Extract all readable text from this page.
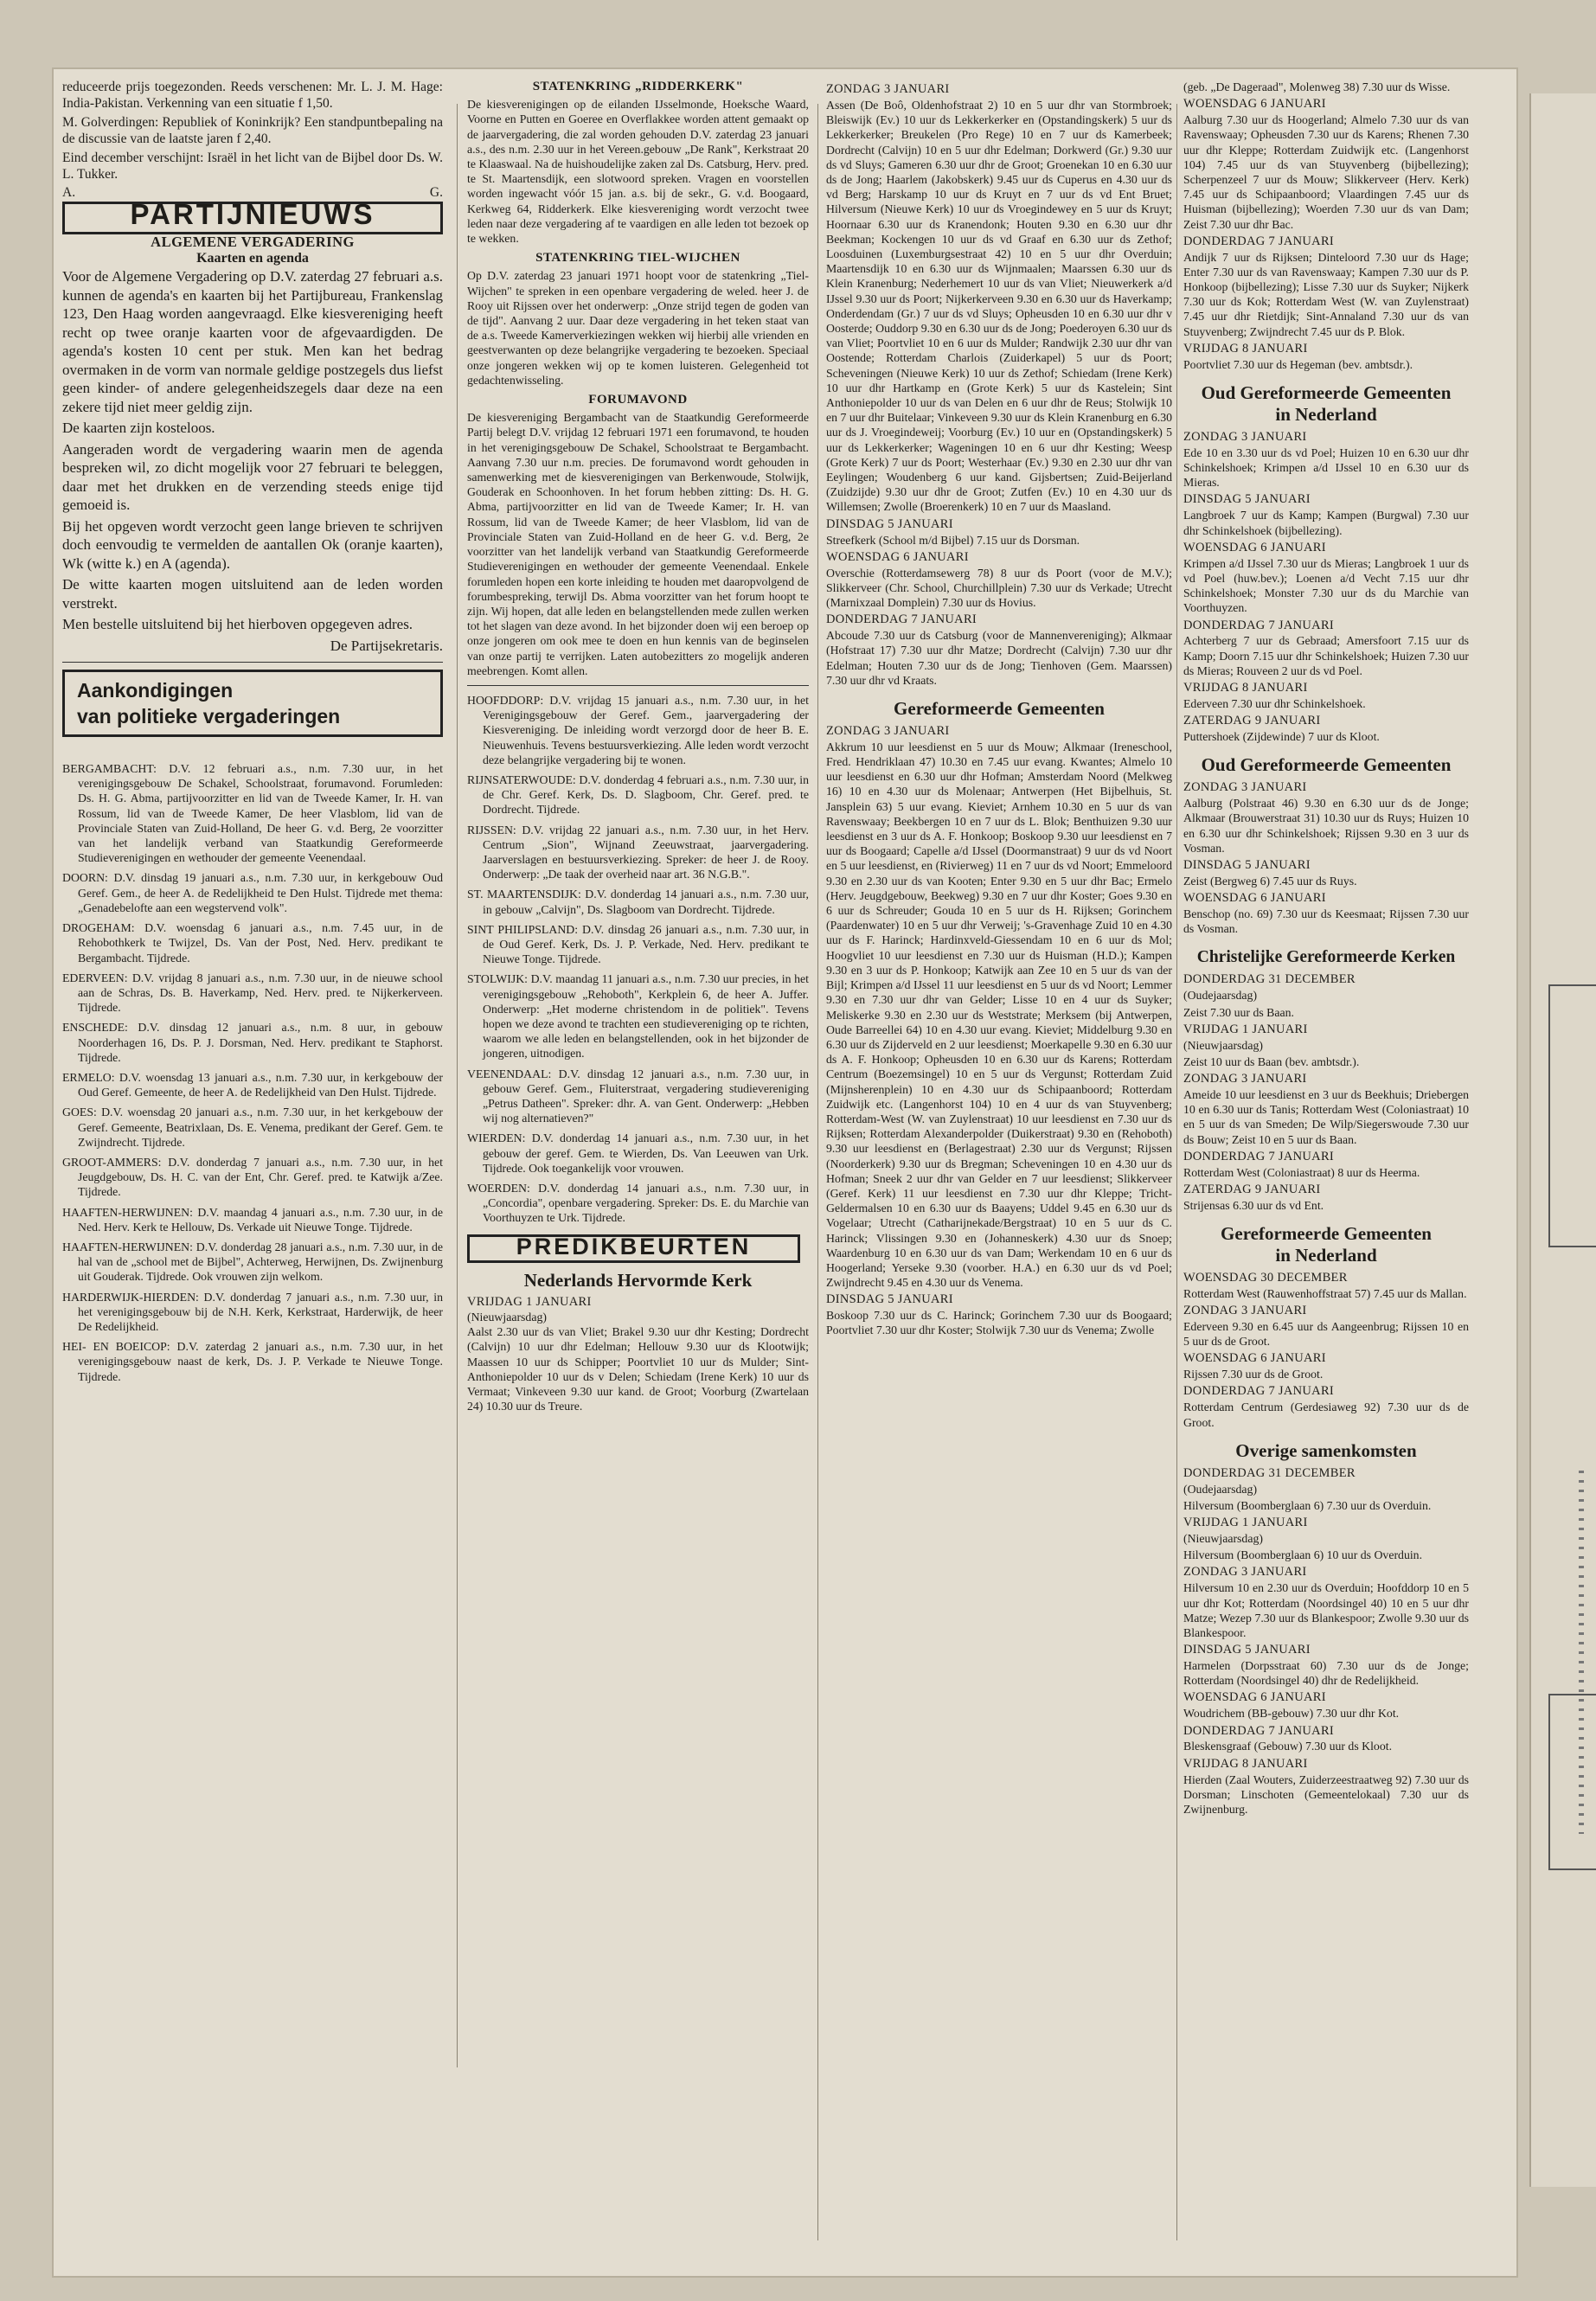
reduceerde prijs toegezonden. Reeds verschenen: Mr. L. J. M. Hage: India-Pakistan. Verkenning van een situatie f 1,50.

M. Golverdingen: Republiek of Koninkrijk? Een standpuntbepaling na de discussie van de laatste jaren f 2,40.

Eind december verschijnt: Israël in het licht van de Bijbel door Ds. W. L. Tukker.

A.	G.
PARTIJNIEUWS
ALGEMENE VERGADERING
Kaarten en agenda

Voor de Algemene Vergadering op D.V. zaterdag 27 februari a.s. kunnen de agenda's en kaarten bij het Partijbureau, Frankenslag 123, Den Haag worden aangevraagd. Elke kiesvereniging heeft recht op twee oranje kaarten voor de afgevaardigden. De agenda's kosten 10 cent per stuk. Men kan het bedrag overmaken in de vorm van normale geldige postzegels dus liefst geen kinder- of andere gelegenheidszegels daar deze na een zekere tijd niet meer geldig zijn.

De kaarten zijn kosteloos.

Aangeraden wordt de vergadering waarin men de agenda bespreken wil, zo dicht mogelijk voor 27 februari te beleggen, daar met het drukken en de verzending steeds enige tijd gemoeid is.

Bij het opgeven wordt verzocht geen lange brieven te schrijven doch eenvoudig te vermelden de aantallen Ok (oranje kaarten), Wk (witte k.) en A (agenda).

De witte kaarten mogen uitsluitend aan de leden worden verstrekt.

Men bestelle uitsluitend bij het hierboven opgegeven adres.

De Partijsekretaris.
Aankondigingen
van politieke vergaderingen

BERGAMBACHT: D.V. 12 februari a.s., n.m. 7.30 uur, in het verenigingsgebouw De Schakel, Schoolstraat, forumavond. Forumleden: Ds. H. G. Abma, partijvoorzitter en lid van de Tweede Kamer, Ir. H. van Rossum, lid van de Tweede Kamer, De heer Vlasblom, lid van de Provinciale Staten van Zuid-Holland, De heer G. v.d. Berg, 2e voorzitter van het landelijk verband van Staatkundig Gereformeerde Studieverenigingen en wethouder der gemeente Veenendaal.

DOORN: D.V. dinsdag 19 januari a.s., n.m. 7.30 uur, in kerkgebouw Oud Geref. Gem., de heer A. de Redelijkheid te Den Hulst. Tijdrede met thema: „Genadebelofte aan een wegstervend volk".

DROGEHAM: D.V. woensdag 6 januari a.s., n.m. 7.45 uur, in de Rehobothkerk te Twijzel, Ds. Van der Post, Ned. Herv. predikant te Bergambacht. Tijdrede.

EDERVEEN: D.V. vrijdag 8 januari a.s., n.m. 7.30 uur, in de nieuwe school aan de Schras, Ds. B. Haverkamp, Ned. Herv. pred. te Nijkerkerveen. Tijdrede.

ENSCHEDE: D.V. dinsdag 12 januari a.s., n.m. 8 uur, in gebouw Noorderhagen 16, Ds. P. J. Dorsman, Ned. Herv. predikant te Staphorst. Tijdrede.

ERMELO: D.V. woensdag 13 januari a.s., n.m. 7.30 uur, in kerkgebouw der Oud Geref. Gemeente, de heer A. de Redelijkheid van Den Hulst. Tijdrede.

GOES: D.V. woensdag 20 januari a.s., n.m. 7.30 uur, in het kerkgebouw der Geref. Gemeente, Beatrixlaan, Ds. E. Venema, predikant der Geref. Gem. te Zwijndrecht. Tijdrede.

GROOT-AMMERS: D.V. donderdag 7 januari a.s., n.m. 7.30 uur, in het Jeugdgebouw, Ds. H. C. van der Ent, Chr. Geref. pred. te Katwijk a/Zee. Tijdrede.

HAAFTEN-HERWIJNEN: D.V. maandag 4 januari a.s., n.m. 7.30 uur, in de Ned. Herv. Kerk te Hellouw, Ds. Verkade uit Nieuwe Tonge. Tijdrede.

HAAFTEN-HERWIJNEN: D.V. donderdag 28 januari a.s., n.m. 7.30 uur, in de hal van de „school met de Bijbel", Achterweg, Herwijnen, Ds. Zwijnenburg uit Gouderak. Tijdrede. Ook vrouwen zijn welkom.

HARDERWIJK-HIERDEN: D.V. donderdag 7 januari a.s., n.m. 7.30 uur, in het verenigingsgebouw bij de N.H. Kerk, Kerkstraat, Harderwijk, de heer De Redelijkheid.

HEI- EN BOEICOP: D.V. zaterdag 2 januari a.s., n.m. 7.30 uur, in het verenigingsgebouw naast de kerk, Ds. J. P. Verkade te Nieuwe Tonge. Tijdrede.

STATENKRING „RIDDERKERK"

De kiesverenigingen op de eilanden IJsselmonde, Hoeksche Waard, Voorne en Putten en Goeree en Overflakkee worden attent gemaakt op de jaarvergadering, die zal worden gehouden D.V. zaterdag 23 januari a.s., des n.m. 2.30 uur in het Vereen.gebouw „De Rank", Kerkstraat 20 te Klaaswaal. Na de huishoudelijke zaken zal Ds. Catsburg, Herv. pred. te St. Maartensdijk, een slotwoord spreken. Vragen en voorstellen worden ingewacht vóór 15 jan. a.s. bij de sekr., G. v.d. Boogaard, Kerkweg 64, Ridderkerk. Elke kiesvereniging wordt verzocht twee leden naar deze vergadering af te vaardigen en alle leden tot bezoek op te wekken.

STATENKRING TIEL-WIJCHEN

Op D.V. zaterdag 23 januari 1971 hoopt voor de statenkring „Tiel-Wijchen" te spreken in een openbare vergadering de weled. heer J. de Rooy uit Rijssen over het onderwerp: „Onze strijd tegen de goden van de tijd". Aanvang 2 uur. Daar deze vergadering in het teken staat van de a.s. Tweede Kamerverkiezingen wekken wij hierbij alle vrienden en geestverwanten op deze belangrijke vergadering te bezoeken. Speciaal onze jongeren wekken wij op te komen luisteren. Gelegenheid tot gedachtenwisseling.

FORUMAVOND

De kiesvereniging Bergambacht van de Staatkundig Gereformeerde Partij belegt D.V. vrijdag 12 februari 1971 een forumavond, te houden in het verenigingsgebouw De Schakel, Schoolstraat te Bergambacht. Aanvang 7.30 uur n.m. precies. De forumavond wordt gehouden in samenwerking met de kiesverenigingen van Berkenwoude, Stolwijk, Gouderak en Schoonhoven. In het forum hebben zitting: Ds. H. G. Abma, partijvoorzitter en lid van de Tweede Kamer; Ir. H. van Rossum, lid van de Tweede Kamer; de heer Vlasblom, lid van de Provinciale Staten van Zuid-Holland en de heer G. v.d. Berg, 2e voorzitter van het landelijk verband van Staatkundig Gereformeerde Studieverenigingen en wethouder der gemeente Veenendaal. Enkele forumleden hopen een korte inleiding te houden met daaropvolgend de forumbespreking, terwijl Ds. Abma voorzitter van het forum hoopt te zijn. Wij hopen, dat alle leden en belangstellenden mede zullen werken tot het slagen van deze avond. In het bijzonder doen wij een beroep op onze jongeren om ook mee te doen en hun kennis van de beginselen van onze partij te verrijken. Laten autobezitters zo mogelijk anderen meebrengen. Komt allen.

HOOFDDORP: D.V. vrijdag 15 januari a.s., n.m. 7.30 uur, in het Verenigingsgebouw der Geref. Gem., jaarvergadering der Kiesvereniging. De inleiding wordt verzorgd door de heer B. E. Nieuwenhuis. Tevens bestuursverkiezing. Alle leden wordt verzocht deze belangrijke vergadering bij te wonen.

RIJNSATERWOUDE: D.V. donderdag 4 februari a.s., n.m. 7.30 uur, in de Chr. Geref. Kerk, Ds. D. Slagboom, Chr. Geref. pred. te Dordrecht. Tijdrede.

RIJSSEN: D.V. vrijdag 22 januari a.s., n.m. 7.30 uur, in het Herv. Centrum „Sion", Wijnand Zeeuwstraat, jaarvergadering. Jaarverslagen en bestuursverkiezing. Spreker: de heer J. de Rooy. Onderwerp: „De taak der overheid naar art. 36 N.G.B.".

ST. MAARTENSDIJK: D.V. donderdag 14 januari a.s., n.m. 7.30 uur, in gebouw „Calvijn", Ds. Slagboom van Dordrecht. Tijdrede.

SINT PHILIPSLAND: D.V. dinsdag 26 januari a.s., n.m. 7.30 uur, in de Oud Geref. Kerk, Ds. J. P. Verkade, Ned. Herv. predikant te Nieuwe Tonge. Tijdrede.

STOLWIJK: D.V. maandag 11 januari a.s., n.m. 7.30 uur precies, in het verenigingsgebouw „Rehoboth", Kerkplein 6, de heer A. Juffer. Onderwerp: „Het moderne christendom in de politiek". Tevens hopen we deze avond te trachten een studievereniging op te richten, waarom we alle leden en belangstellenden, ook in het bijzonder de jongeren, uitnodigen.

VEENENDAAL: D.V. dinsdag 12 januari a.s., n.m. 7.30 uur, in gebouw Geref. Gem., Fluiterstraat, vergadering studievereniging „Petrus Datheen". Spreker: dhr. A. van Gent. Onderwerp: „Hebben wij nog alternatieven?"

WIERDEN: D.V. donderdag 14 januari a.s., n.m. 7.30 uur, in het gebouw der geref. Gem. te Wierden, Ds. Van Leeuwen van Urk. Tijdrede. Ook toegankelijk voor vrouwen.

WOERDEN: D.V. donderdag 14 januari a.s., n.m. 7.30 uur, in „Concordia", openbare vergadering. Spreker: Ds. E. du Marchie van Voorthuyzen te Urk. Tijdrede.

PREDIKBEURTEN
Nederlands Hervormde Kerk
VRIJDAG 1 JANUARI
(Nieuwjaarsdag)

Aalst 2.30 uur ds van Vliet; Brakel 9.30 uur dhr Kesting; Dordrecht (Calvijn) 10 uur dhr Edelman; Hellouw 9.30 uur ds Klootwijk; Maassen 10 uur ds Schipper; Poortvliet 10 uur ds Mulder; Sint-Anthoniepolder 10 uur ds v Delen; Schiedam (Irene Kerk) 10 uur ds Vermaat; Vinkeveen 9.30 uur kand. de Groot; Voorburg (Zwartelaan 24) 10.30 uur ds Treure.

ZONDAG 3 JANUARI

Assen (De Boô, Oldenhofstraat 2) 10 en 5 uur dhr van Stormbroek; Bleiswijk (Ev.) 10 uur ds Lekkerkerker en (Opstandingskerk) 5 uur ds Lekkerkerker; Breukelen (Pro Rege) 10 en 7 uur ds Kamerbeek; Dordrecht (Calvijn) 10 en 5 uur dhr Edelman; Dorkwerd (Gr.) 9.30 uur ds vd Sluys; Gameren 6.30 uur dhr de Groot; Groenekan 10 en 6.30 uur ds de Jong; Haarlem (Jakobskerk) 9.45 uur ds Cuperus en 4.30 uur ds vd Berg; Harskamp 10 uur ds Kruyt en 7 uur ds vd Ent Bruet; Hilversum (Nieuwe Kerk) 10 uur ds Vroegindewey en 5 uur ds Kruyt; Hoornaar 6.30 uur ds Kranendonk; Houten 9.30 en 6.30 uur dhr Beekman; Kockengen 10 uur ds vd Graaf en 6.30 uur ds Zethof; Loosduinen (Luxemburgsestraat 42) 10 en 5 uur dhr Overduin; Maartensdijk 10 en 6.30 uur ds Wijnmaalen; Maarssen 6.30 uur ds Klein Kranenburg; Nederhemert 10 uur ds van Vliet; Nieuwerkerk a/d IJssel 9.30 uur ds Poort; Nijkerkerveen 9.30 en 6.30 uur ds Haverkamp; Onderdendam (Gr.) 7 uur ds vd Sluys; Opheusden 10 en 6.30 uur dhr v Oosterde; Ouddorp 9.30 en 6.30 uur ds de Jong; Poederoyen 6.30 uur ds van Vliet; Poortvliet 10 en 6 uur ds Mulder; Randwijk 2.30 uur dhr van Oostende; Rotterdam Charlois (Zuiderkapel) 5 uur ds Poort; Scheveningen (Nieuwe Kerk) 10 uur ds Zethof; Schiedam (Irene Kerk) 10 uur dhr Hartkamp en (Grote Kerk) 5 uur ds Kastelein; Sint Anthoniepolder 10 uur ds van Delen en 6 uur dhr de Reus; Stolwijk 10 en 7 uur dhr Buitelaar; Vinkeveen 9.30 uur ds Klein Kranenburg en 6.30 uur ds J. Vroegindeweij; Voorburg (Ev.) 10 uur en (Opstandingskerk) 5 uur ds Lekkerkerker; Wageningen 10 en 6 uur dhr Kesting; Weesp (Grote Kerk) 7 uur ds Poort; Westerhaar (Ev.) 9.30 en 2.30 uur dhr van Eeylingen; Woudenberg 6 uur kand. Gijsbertsen; Zuid-Beijerland (Zuidzijde) 9.30 uur dhr de Groot; Zutfen (Ev.) 10 en 4.30 uur ds Willemsen; Zwolle (Broerenkerk) 10 en 7 uur ds Maasland.

DINSDAG 5 JANUARI

Streefkerk (School m/d Bijbel) 7.15 uur ds Dorsman.

WOENSDAG 6 JANUARI

Overschie (Rotterdamsewerg 78) 8 uur ds Poort (voor de M.V.); Slikkerveer (Chr. School, Churchillplein) 7.30 uur ds Verkade; Utrecht (Marnixzaal Domplein) 7.30 uur ds Hovius.

DONDERDAG 7 JANUARI

Abcoude 7.30 uur ds Catsburg (voor de Mannenvereniging); Alkmaar (Hofstraat 17) 7.30 uur dhr Matze; Dordrecht (Calvijn) 7.30 uur dhr Edelman; Houten 7.30 uur ds de Jong; Tienhoven (Gem. Maarssen) 7.30 uur dhr vd Kraats.

Gereformeerde Gemeenten
ZONDAG 3 JANUARI

Akkrum 10 uur leesdienst en 5 uur ds Mouw; Alkmaar (Ireneschool, Fred. Hendriklaan 47) 10.30 en 7.45 uur evang. Kwantes; Almelo 10 uur leesdienst en 6.30 uur dhr Hofman; Amsterdam Noord (Melkweg 16) 10 en 4.30 uur ds Molenaar; Antwerpen (Het Bijbelhuis, St. Jansplein 63) 5 uur evang. Kieviet; Arnhem 10.30 en 5 uur ds van Ravenswaay; Beekbergen 10 en 7 uur ds L. Blok; Benthuizen 9.30 uur leesdienst en 3 uur ds A. F. Honkoop; Boskoop 9.30 uur leesdienst en 7 uur ds Boogaard; Capelle a/d IJssel (Doormanstraat) 9 uur ds vd Noort en 5 uur leesdienst, en (Rivierweg) 11 en 7 uur ds vd Noort; Emmeloord 9.30 en 2.30 uur ds van Kooten; Enter 9.30 en 5 uur dhr Bac; Ermelo (Herv. Jeugdgebouw, Beekweg) 9.30 en 7 uur dhr Koster; Goes 9.30 en 6 uur ds Schreuder; Gouda 10 en 5 uur ds H. Rijksen; Gorinchem (Paardenwater) 10 en 5 uur dhr Verweij; 's-Gravenhage Zuid 10 en 4.30 uur ds F. Harinck; Hardinxveld-Giessendam 10 en 6 uur ds Mol; Hoogvliet 10 uur leesdienst en 7.30 uur ds Huisman (H.D.); Kampen 9.30 en 3 uur ds P. Honkoop; Katwijk aan Zee 10 en 5 uur ds van der Bijl; Krimpen a/d IJssel 11 uur leesdienst en 5 uur ds vd Noort; Lemmer 9.30 en 7.30 uur dhr van Gelder; Lisse 10 en 4 uur ds Suyker; Meliskerke 9.30 en 2.30 uur ds Weststrate; Merksem (bij Antwerpen, Oude Barreellei 64) 10 en 4.30 uur evang. Kieviet; Middelburg 9.30 en 6.30 uur ds Zijderveld en 2 uur leesdienst; Moerkapelle 9.30 en 6.30 uur ds A. F. Honkoop; Opheusden 10 en 6.30 uur ds Karens; Rotterdam Centrum (Boezemsingel) 10 en 5 uur ds Vergunst; Rotterdam Zuid (Mijnsherenplein) 10 en 4.30 uur ds Schipaanboord; Rotterdam Zuidwijk etc. (Langenhorst 104) 10 en 4 uur ds van Stuyvenberg; Rotterdam-West (W. van Zuylenstraat) 10 uur leesdienst en 7.30 uur ds Rijksen; Rotterdam Alexanderpolder (Duikerstraat) 9.30 en (Rehoboth) 9.30 uur leesdienst en (Berlagestraat) 2.30 uur ds Vergunst; Rijssen (Noorderkerk) 9.30 uur ds Bregman; Scheveningen 10 en 4.30 uur ds Hofman; Sneek 2 uur dhr van Gelder en 7 uur leesdienst; Slikkerveer (Geref. Kerk) 11 uur leesdienst en 7.30 uur dhr Kleppe; Tricht-Geldermalsen 10 en 6.30 uur ds Baayens; Uddel 9.45 en 6.30 uur ds Vogelaar; Utrecht (Catharijnekade/Bergstraat) 10 en 5 uur ds C. Harinck; Vlissingen 9.30 en (Johanneskerk) 4.30 uur ds Snoep; Waardenburg 10 en 6.30 uur ds van Dam; Werkendam 10 en 6 uur ds Hoogerland; Yerseke 9.30 (voorber. H.A.) en 6.30 uur ds vd Poel; Zwijndrecht 9.45 en 4.30 uur ds Venema.

DINSDAG 5 JANUARI

Boskoop 7.30 uur ds C. Harinck; Gorinchem 7.30 uur ds Boogaard; Poortvliet 7.30 uur dhr Koster; Stolwijk 7.30 uur ds Venema; Zwolle

(geb. „De Dageraad", Molenweg 38) 7.30 uur ds Wisse.

WOENSDAG 6 JANUARI

Aalburg 7.30 uur ds Hoogerland; Almelo 7.30 uur ds van Ravenswaay; Opheusden 7.30 uur ds Karens; Rhenen 7.30 uur dhr Kleppe; Rotterdam Zuidwijk etc. (Langenhorst 104) 7.45 uur ds van Stuyvenberg (bijbellezing); Scherpenzeel 7 uur ds Mouw; Slikkerveer (Herv. Kerk) 7.45 uur ds Schipaanboord; Vlaardingen 7.45 uur ds Huisman (bijbellezing); Woerden 7.30 uur ds van Dam; Zeist 7.30 uur dhr Bac.

DONDERDAG 7 JANUARI

Andijk 7 uur ds Rijksen; Dinteloord 7.30 uur ds Hage; Enter 7.30 uur ds van Ravenswaay; Kampen 7.30 uur ds P. Honkoop (bijbellezing); Lisse 7.30 uur ds Suyker; Nijkerk 7.30 uur ds Kok; Rotterdam West (W. van Zuylenstraat) 7.45 uur dhr Rietdijk; Sint-Annaland 7.30 uur ds van Stuyvenberg; Zwijndrecht 7.45 uur ds P. Blok.

VRIJDAG 8 JANUARI

Poortvliet 7.30 uur ds Hegeman (bev. ambtsdr.).

Oud Gereformeerde Gemeenten
in Nederland
ZONDAG 3 JANUARI

Ede 10 en 3.30 uur ds vd Poel; Huizen 10 en 6.30 uur dhr Schinkelshoek; Krimpen a/d IJssel 10 en 6.30 uur ds Mieras.

DINSDAG 5 JANUARI

Langbroek 7 uur ds Kamp; Kampen (Burgwal) 7.30 uur dhr Schinkelshoek (bijbellezing).

WOENSDAG 6 JANUARI

Krimpen a/d IJssel 7.30 uur ds Mieras; Langbroek 1 uur ds vd Poel (huw.bev.); Loenen a/d Vecht 7.15 uur dhr Schinkelshoek; Monster 7.30 uur ds du Marchie van Voorthuyzen.

DONDERDAG 7 JANUARI

Achterberg 7 uur ds Gebraad; Amersfoort 7.15 uur ds Kamp; Doorn 7.15 uur dhr Schinkelshoek; Huizen 7.30 uur ds Mieras; Rouveen 2 uur ds vd Poel.

VRIJDAG 8 JANUARI

Ederveen 7.30 uur dhr Schinkelshoek.

ZATERDAG 9 JANUARI

Puttershoek (Zijdewinde) 7 uur ds Kloot.

Oud Gereformeerde Gemeenten
ZONDAG 3 JANUARI

Aalburg (Polstraat 46) 9.30 en 6.30 uur ds de Jonge; Alkmaar (Brouwerstraat 31) 10.30 uur ds Ruys; Huizen 10 en 6.30 uur dhr Schinkelshoek; Rijssen 9.30 en 3 uur ds Vosman.

DINSDAG 5 JANUARI

Zeist (Bergweg 6) 7.45 uur ds Ruys.

WOENSDAG 6 JANUARI

Benschop (no. 69) 7.30 uur ds Keesmaat; Rijssen 7.30 uur ds Vosman.

Christelijke Gereformeerde Kerken
DONDERDAG 31 DECEMBER
(Oudejaarsdag)

Zeist 7.30 uur ds Baan.

VRIJDAG 1 JANUARI
(Nieuwjaarsdag)

Zeist 10 uur ds Baan (bev. ambtsdr.).

ZONDAG 3 JANUARI

Ameide 10 uur leesdienst en 3 uur ds Beekhuis; Driebergen 10 en 6.30 uur ds Tanis; Rotterdam West (Coloniastraat) 10 en 5 uur ds van Smeden; De Wilp/Siegerswoude 7.30 uur ds Bouw; Zeist 10 en 5 uur ds Baan.

DONDERDAG 7 JANUARI

Rotterdam West (Coloniastraat) 8 uur ds Heerma.

ZATERDAG 9 JANUARI

Strijensas 6.30 uur ds vd Ent.

Gereformeerde Gemeenten
in Nederland
WOENSDAG 30 DECEMBER

Rotterdam West (Rauwenhoffstraat 57) 7.45 uur ds Mallan.

ZONDAG 3 JANUARI

Ederveen 9.30 en 6.45 uur ds Aangeenbrug; Rijssen 10 en 5 uur ds de Groot.

WOENSDAG 6 JANUARI

Rijssen 7.30 uur ds de Groot.

DONDERDAG 7 JANUARI

Rotterdam Centrum (Gerdesiaweg 92) 7.30 uur ds de Groot.

Overige samenkomsten
DONDERDAG 31 DECEMBER
(Oudejaarsdag)

Hilversum (Boomberglaan 6) 7.30 uur ds Overduin.

VRIJDAG 1 JANUARI
(Nieuwjaarsdag)

Hilversum (Boomberglaan 6) 10 uur ds Overduin.

ZONDAG 3 JANUARI

Hilversum 10 en 2.30 uur ds Overduin; Hoofddorp 10 en 5 uur dhr Kot; Rotterdam (Noordsingel 40) 10 en 5 uur dhr Matze; Wezep 7.30 uur ds Blankespoor; Zwolle 9.30 uur ds Blankespoor.

DINSDAG 5 JANUARI

Harmelen (Dorpsstraat 60) 7.30 uur ds de Jonge; Rotterdam (Noordsingel 40) dhr de Redelijkheid.

WOENSDAG 6 JANUARI

Woudrichem (BB-gebouw) 7.30 uur dhr Kot.

DONDERDAG 7 JANUARI

Bleskensgraaf (Gebouw) 7.30 uur ds Kloot.

VRIJDAG 8 JANUARI

Hierden (Zaal Wouters, Zuiderzeestraatweg 92) 7.30 uur ds Dorsman; Linschoten (Gemeentelokaal) 7.30 uur ds Zwijnenburg.
